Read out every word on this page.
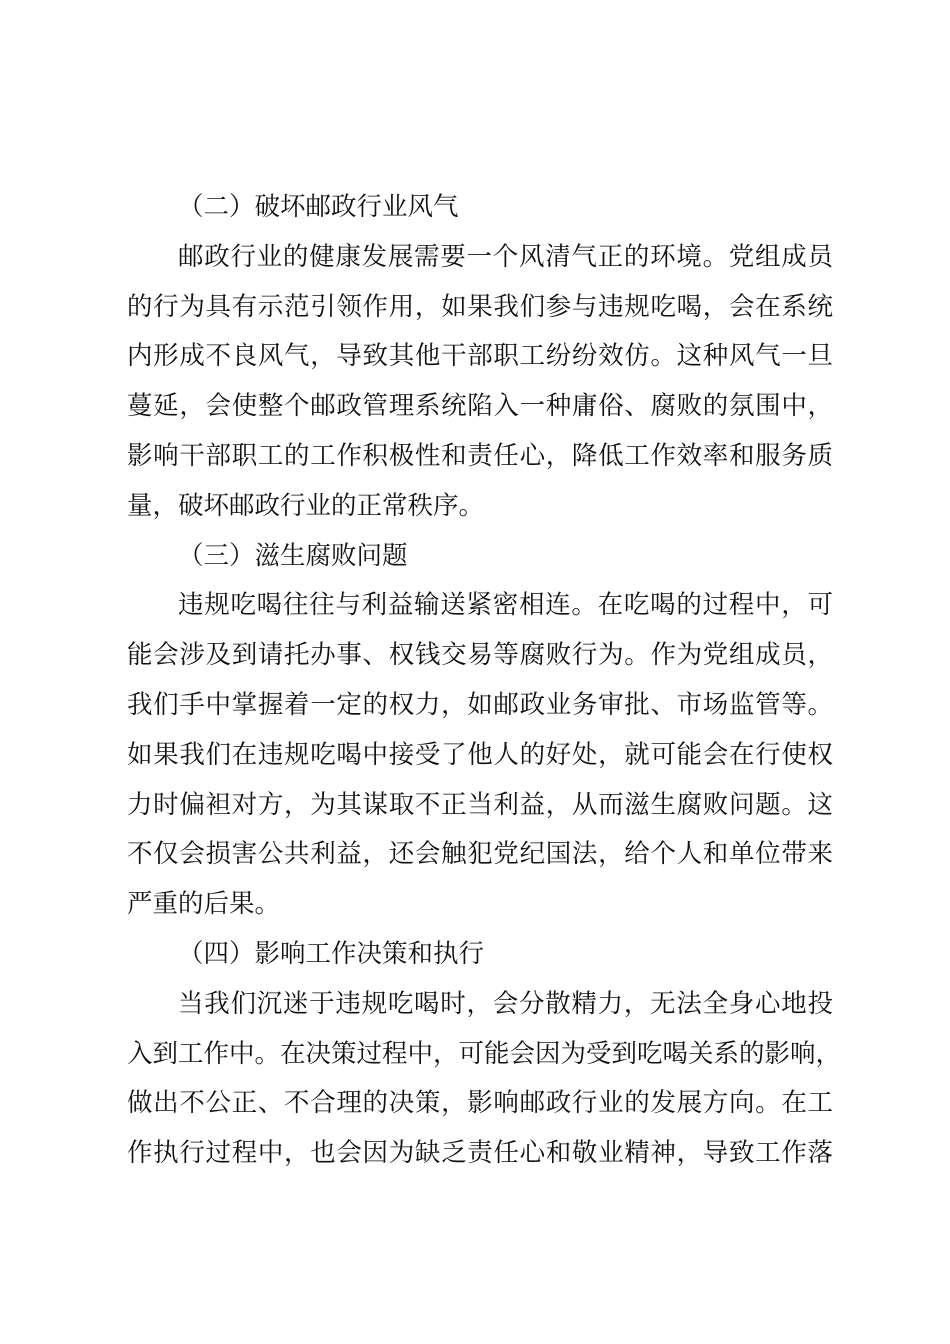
（二）破坏邮政行业风气

邮政行业的健康发展需要一个风清气正的环境。党组成员
的行为具有示范引领作用，如果我们参与违规吃喝，会在系统
内形成不良风气，导致其他干部职工纷纷效仿。这种风气一旦
蔓延，会使整个邮政管理系统陷入一种庸俗、腐败的氛围中，
影响干部职工的工作积极性和责任心，降低工作效率和服务质
量，破坏邮政行业的正常秩序。

（三）滋生腐败问题

违规吃喝往往与利益输送紧密相连。在吃喝的过程中，可
能会涉及到请托办事、权钱交易等腐败行为。作为党组成员，
我们手中掌握着一定的权力，如邮政业务审批、市场监管等。
如果我们在违规吃喝中接受了他人的好处，就可能会在行使权
力时偏袒对方，为其谋取不正当利益，从而滋生腐败问题。这
不仅会损害公共利益，还会触犯党纪国法，给个人和单位带来
严重的后果。

（四）影响工作决策和执行

当我们沉迷于违规吃喝时，会分散精力，无法全身心地投
入到工作中。在决策过程中，可能会因为受到吃喝关系的影响，
做出不公正、不合理的决策，影响邮政行业的发展方向。在工
作执行过程中，也会因为缺乏责任心和敬业精神，导致工作落
